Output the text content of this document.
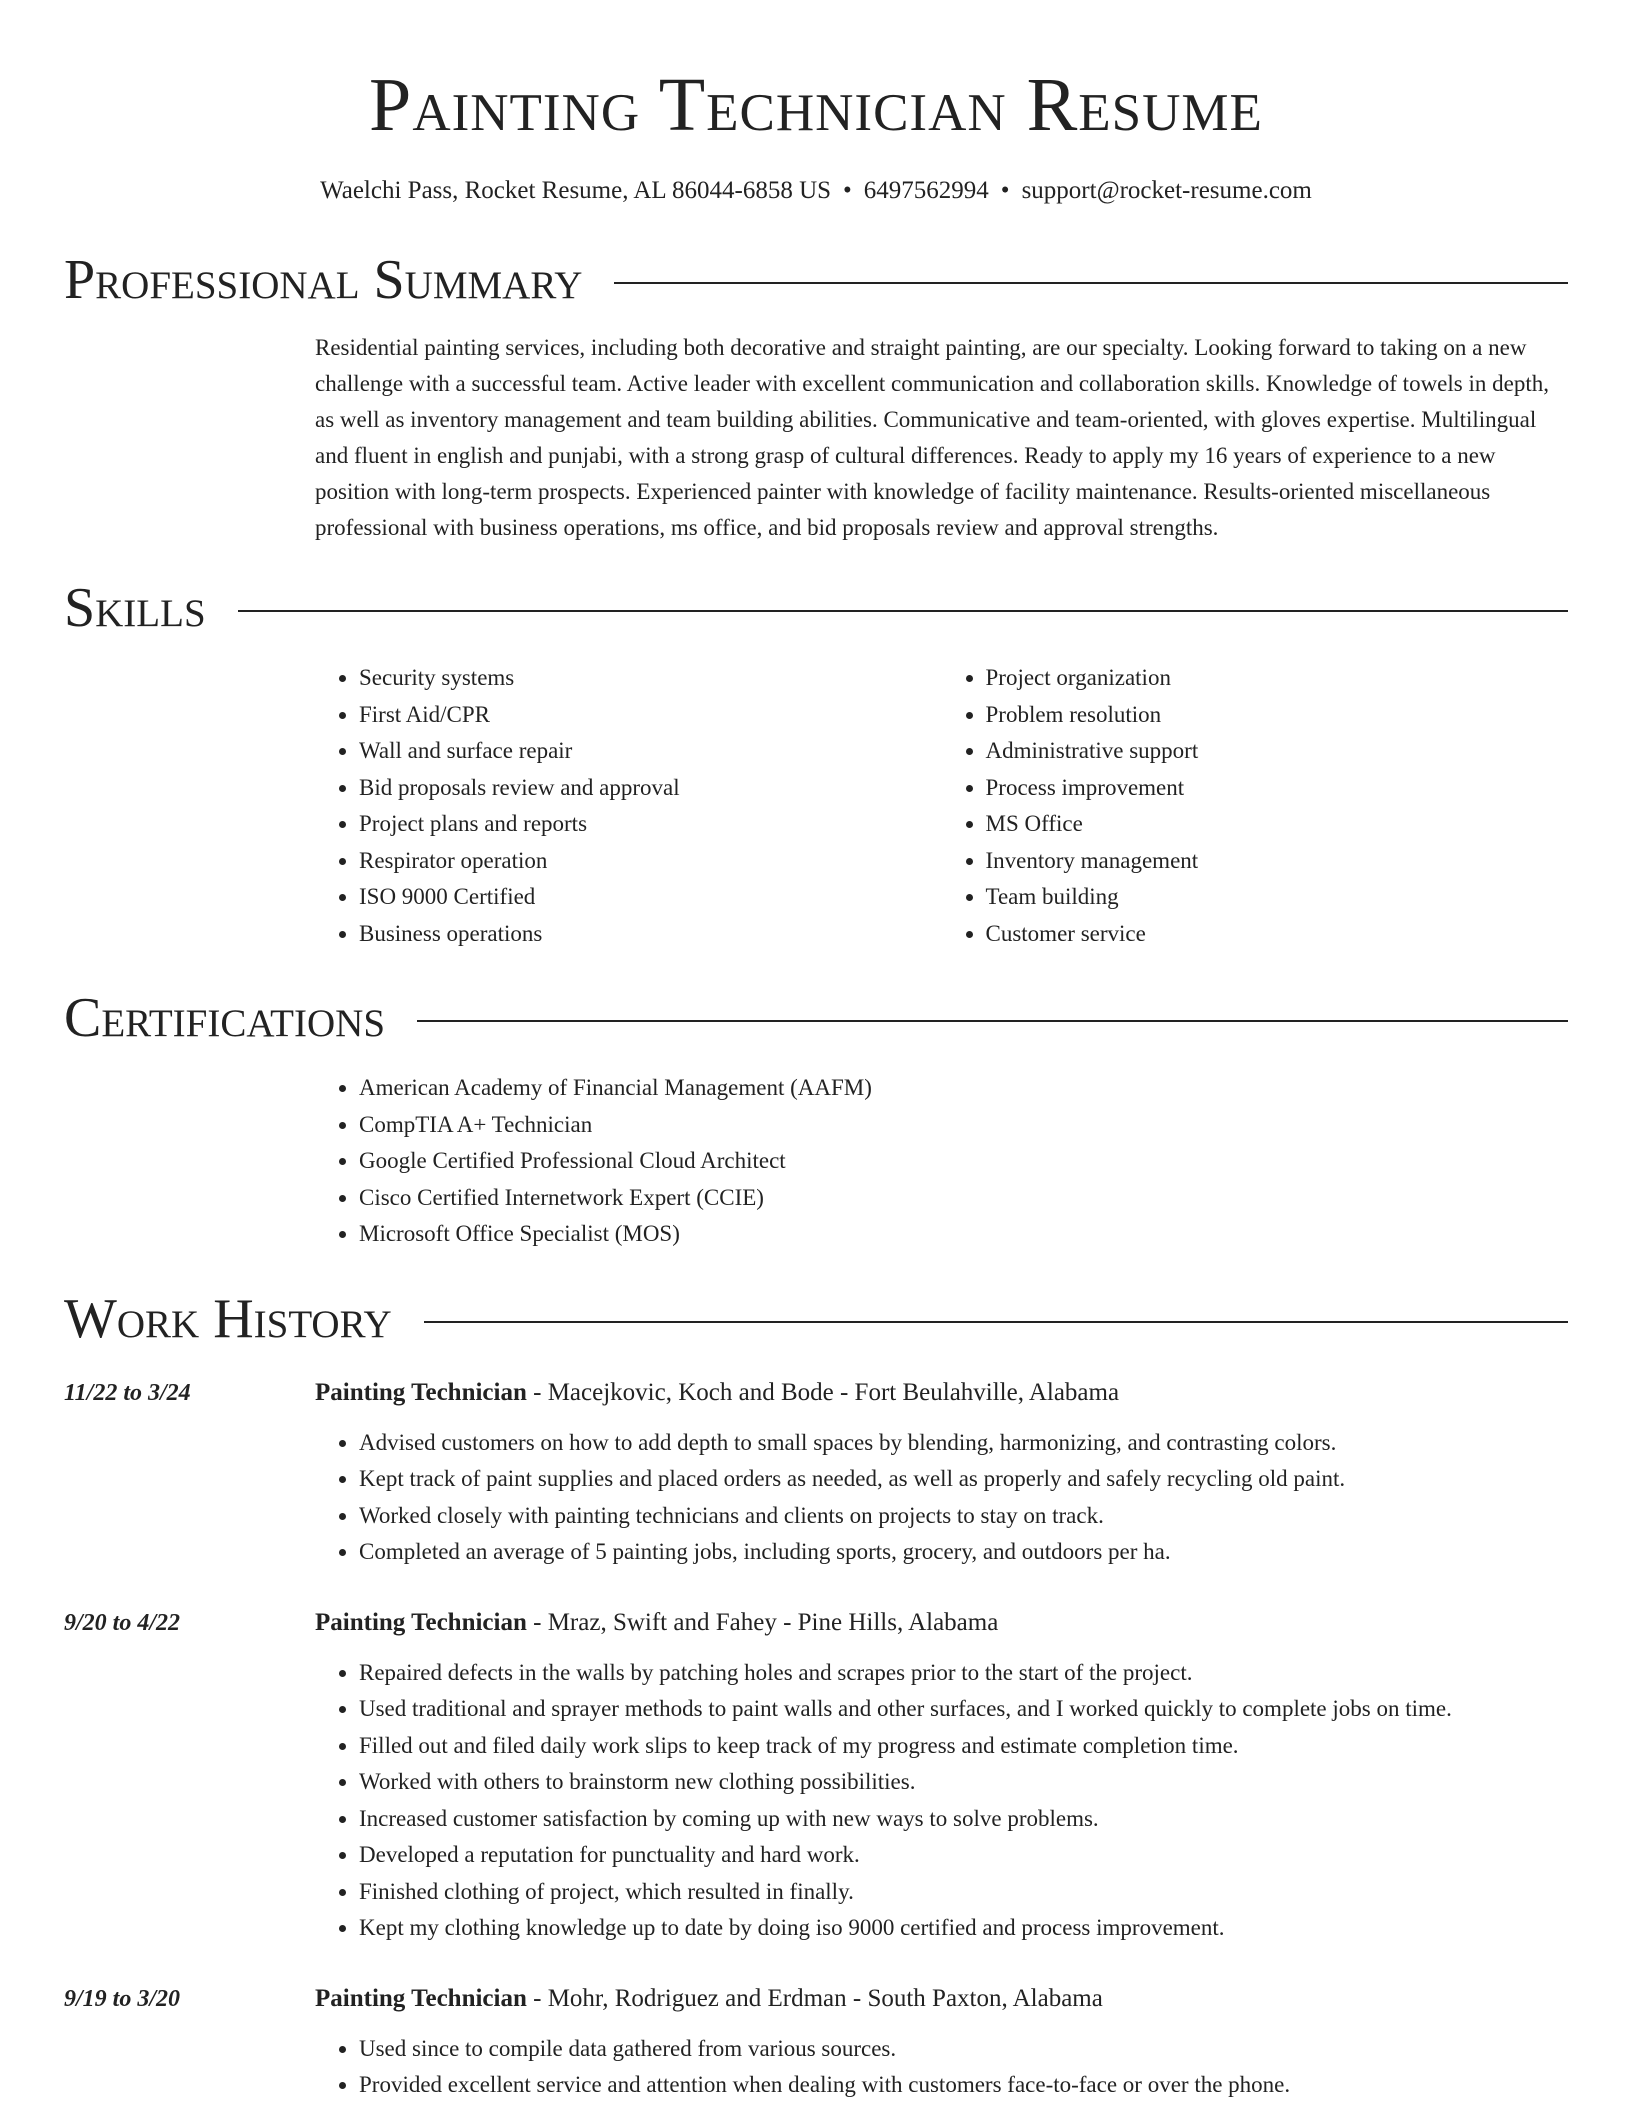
Painting Technician Resume
Waelchi Pass, Rocket Resume, AL 86044-6858 US • 6497562994 • support@rocket-resume.com
Professional Summary

Residential painting services, including both decorative and straight painting, are our specialty. Looking forward to taking on a new challenge with a successful team. Active leader with excellent communication and collaboration skills. Knowledge of towels in depth, as well as inventory management and team building abilities. Communicative and team-oriented, with gloves expertise. Multilingual and fluent in english and punjabi, with a strong grasp of cultural differences. Ready to apply my 16 years of experience to a new position with long-term prospects. Experienced painter with knowledge of facility maintenance. Results-oriented miscellaneous professional with business operations, ms office, and bid proposals review and approval strengths.

Skills
• Security systems
• First Aid/CPR
• Wall and surface repair
• Bid proposals review and approval
• Project plans and reports
• Respirator operation
• ISO 9000 Certified
• Business operations
• Project organization
• Problem resolution
• Administrative support
• Process improvement
• MS Office
• Inventory management
• Team building
• Customer service
Certifications
• American Academy of Financial Management (AAFM)
• CompTIA A+ Technician
• Google Certified Professional Cloud Architect
• Cisco Certified Internetwork Expert (CCIE)
• Microsoft Office Specialist (MOS)
Work History
11/22 to 3/24	Painting Technician - Macejkovic, Koch and Bode - Fort Beulahville, Alabama
• Advised customers on how to add depth to small spaces by blending, harmonizing, and contrasting colors.
• Kept track of paint supplies and placed orders as needed, as well as properly and safely recycling old paint.
• Worked closely with painting technicians and clients on projects to stay on track.
• Completed an average of 5 painting jobs, including sports, grocery, and outdoors per ha.
9/20 to 4/22	Painting Technician - Mraz, Swift and Fahey - Pine Hills, Alabama
• Repaired defects in the walls by patching holes and scrapes prior to the start of the project.
• Used traditional and sprayer methods to paint walls and other surfaces, and I worked quickly to complete jobs on time.
• Filled out and filed daily work slips to keep track of my progress and estimate completion time.
• Worked with others to brainstorm new clothing possibilities.
• Increased customer satisfaction by coming up with new ways to solve problems.
• Developed a reputation for punctuality and hard work.
• Finished clothing of project, which resulted in finally.
• Kept my clothing knowledge up to date by doing iso 9000 certified and process improvement.
9/19 to 3/20	Painting Technician - Mohr, Rodriguez and Erdman - South Paxton, Alabama
• Used since to compile data gathered from various sources.
• Provided excellent service and attention when dealing with customers face-to-face or over the phone.
